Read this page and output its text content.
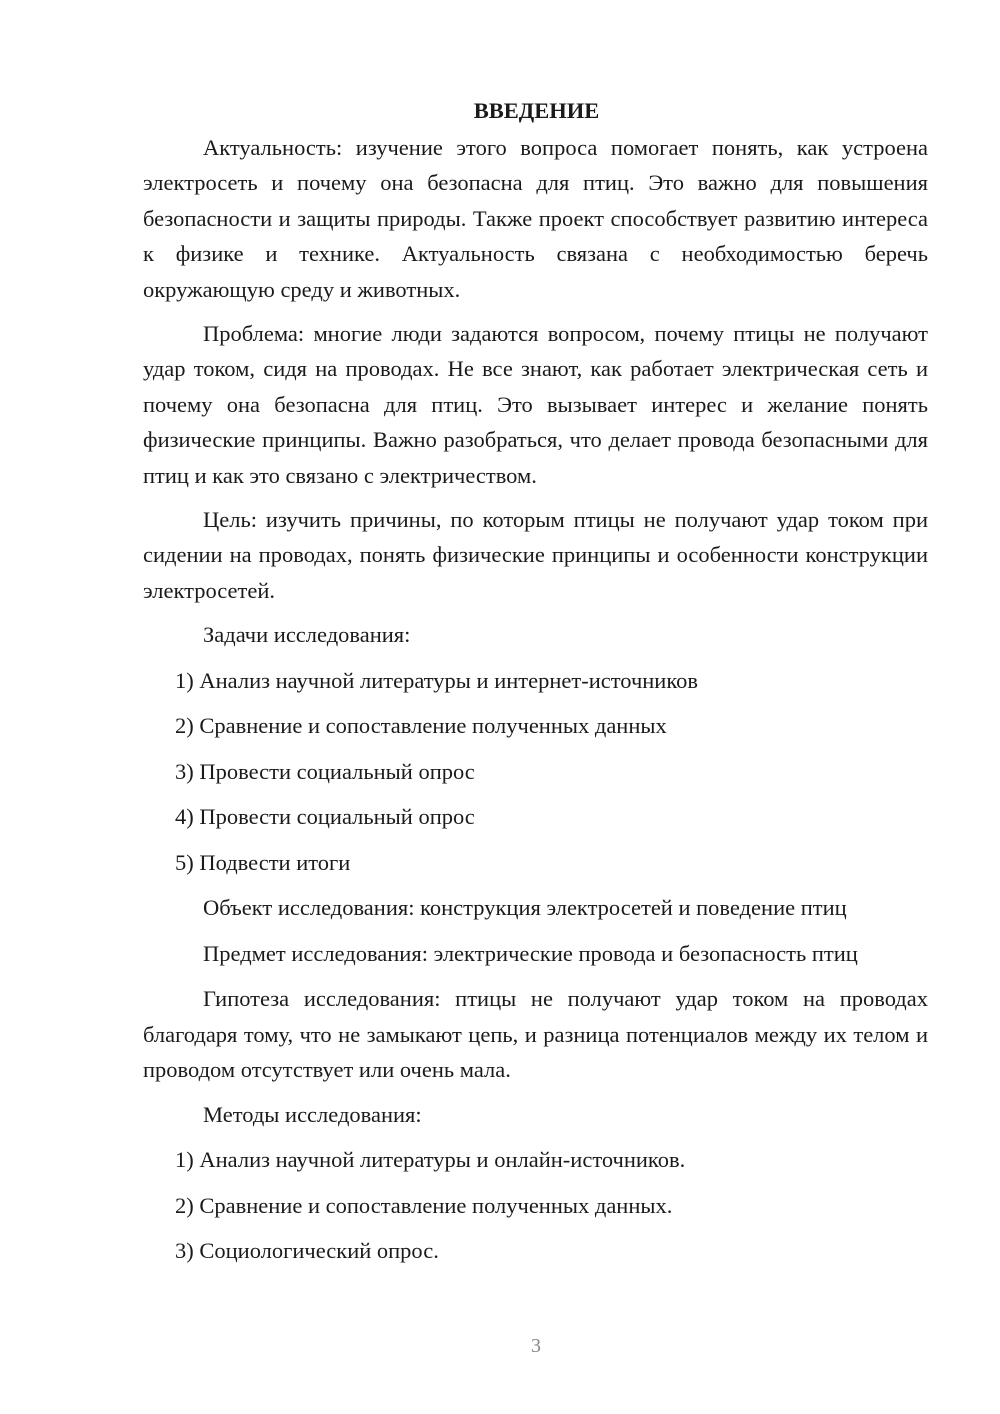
ВВЕДЕНИЕ

Актуальность: изучение этого вопроса помогает понять, как устроена электросеть и почему она безопасна для птиц. Это важно для повышения безопасности и защиты природы. Также проект способствует развитию интереса к физике и технике. Актуальность связана с необходимостью беречь окружающую среду и животных.

Проблема: многие люди задаются вопросом, почему птицы не получают удар током, сидя на проводах. Не все знают, как работает электрическая сеть и почему она безопасна для птиц. Это вызывает интерес и желание понять физические принципы. Важно разобраться, что делает провода безопасными для птиц и как это связано с электричеством.

Цель: изучить причины, по которым птицы не получают удар током при сидении на проводах, понять физические принципы и особенности конструкции электросетей.

Задачи исследования:
1) Анализ научной литературы и интернет-источников
2) Сравнение и сопоставление полученных данных
3) Провести социальный опрос
4) Провести социальный опрос
5) Подвести итоги
Объект исследования: конструкция электросетей и поведение птиц
Предмет исследования: электрические провода и безопасность птиц

Гипотеза исследования: птицы не получают удар током на проводах благодаря тому, что не замыкают цепь, и разница потенциалов между их телом и проводом отсутствует или очень мала.

Методы исследования:
1) Анализ научной литературы и онлайн-источников.
2) Сравнение и сопоставление полученных данных.
3) Социологический опрос.
3
